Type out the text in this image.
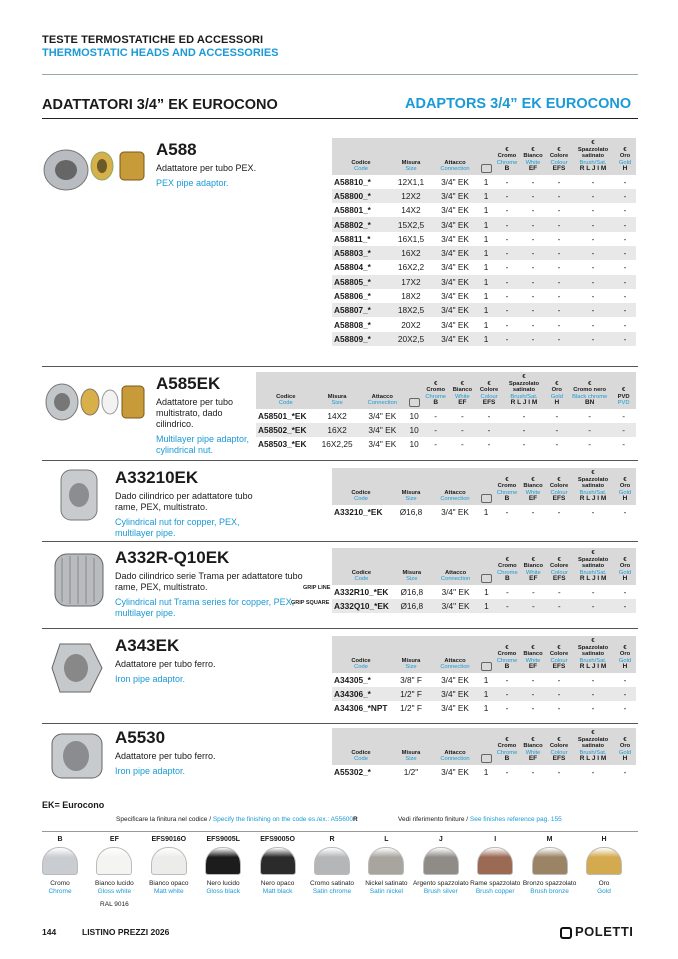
TESTE TERMOSTATICHE ED ACCESSORI
THERMOSTATIC HEADS AND ACCESSORIES
ADATTATORI 3/4” EK EUROCONO	ADAPTORS 3/4” EK EUROCONO
A588
Adattatore per tubo PEX.
PEX pipe adaptor.
A585EK
Adattatore per tubo multistrato, dado cilindrico.
Multilayer pipe adaptor, cylindrical nut.
A33210EK
Dado cilindrico per adattatore tubo rame, PEX, multistrato.
Cylindrical nut for copper, PEX, multilayer pipe.
A332R-Q10EK
Dado cilindrico serie Trama per adattatore tubo rame, PEX, multistrato.
Cylindrical nut Trama series for copper, PEX, multilayer pipe.
A343EK
Adattatore per tubo ferro.
Iron pipe adaptor.
A5530
Adattatore per tubo ferro.
Iron pipe adaptor.
GRIP LINE
GRIP SQUARE
Codice
Code	Misura
Size	Attacco
Connection		€
Cromo
Chrome
B	€
Bianco
White
EF	€
Colore
Colour
EFS	€
Spazzolato
satinato
Brush/Sat.
R L J I M	€
Oro
Gold
H

A58810_*	12X1,1	3/4" EK	1	-	-	-	-	-
A58800_*	12X2	3/4" EK	1	-	-	-	-	-
A58801_*	14X2	3/4" EK	1	-	-	-	-	-
A58802_*	15X2,5	3/4" EK	1	-	-	-	-	-
A58811_*	16X1,5	3/4" EK	1	-	-	-	-	-
A58803_*	16X2	3/4" EK	1	-	-	-	-	-
A58804_*	16X2,2	3/4" EK	1	-	-	-	-	-
A58805_*	17X2	3/4" EK	1	-	-	-	-	-
A58806_*	18X2	3/4" EK	1	-	-	-	-	-
A58807_*	18X2,5	3/4" EK	1	-	-	-	-	-
A58808_*	20X2	3/4" EK	1	-	-	-	-	-
A58809_*	20X2,5	3/4" EK	1	-	-	-	-	-
Codice
Code	Misura
Size	Attacco
Connection		€
Cromo
Chrome
B	€
Bianco
White
EF	€
Colore
Colour
EFS	€
Spazzolato
satinato
Brush/Sat.
R L J I M	€
Oro
Gold
H	€
Cromo nero
Black chrome
BN	€
PVD
PVD

A58501_*EK	14X2	3/4" EK	10	-	-	-	-	-	-	-
A58502_*EK	16X2	3/4" EK	10	-	-	-	-	-	-	-
A58503_*EK	16X2,25	3/4" EK	10	-	-	-	-	-	-	-
Codice
Code	Misura
Size	Attacco
Connection		€
Cromo
Chrome
B	€
Bianco
White
EF	€
Colore
Colour
EFS	€
Spazzolato
satinato
Brush/Sat.
R L J I M	€
Oro
Gold
H

A33210_*EK	Ø16,8	3/4" EK	1	-	-	-	-	-
Codice
Code	Misura
Size	Attacco
Connection		€
Cromo
Chrome
B	€
Bianco
White
EF	€
Colore
Colour
EFS	€
Spazzolato
satinato
Brush/Sat.
R L J I M	€
Oro
Gold
H

A332R10_*EK	Ø16,8	3/4" EK	1	-	-	-	-	-
A332Q10_*EK	Ø16,8	3/4" EK	1	-	-	-	-	-
Codice
Code	Misura
Size	Attacco
Connection		€
Cromo
Chrome
B	€
Bianco
White
EF	€
Colore
Colour
EFS	€
Spazzolato
satinato
Brush/Sat.
R L J I M	€
Oro
Gold
H

A34305_*	3/8" F	3/4" EK	1	-	-	-	-	-
A34306_*	1/2" F	3/4" EK	1	-	-	-	-	-
A34306_*NPT	1/2" F	3/4" EK	1	-	-	-	-	-
Codice
Code	Misura
Size	Attacco
Connection		€
Cromo
Chrome
B	€
Bianco
White
EF	€
Colore
Colour
EFS	€
Spazzolato
satinato
Brush/Sat.
R L J I M	€
Oro
Gold
H

A55302_*	1/2"	3/4" EK	1	-	-	-	-	-
EK= Eurocono
Specificare la finitura nel codice / Specify the finishing on the code es./ex.: A55600R	Vedi riferimento finiture / See finishes reference pag. 155
B
Cromo
Chrome
EF
Bianco lucido
Gloss white
RAL 9016
EFS9016O
Bianco opaco
Matt white
EFS9005L
Nero lucido
Gloss black
EFS9005O
Nero opaco
Matt black
R
Cromo satinato
Satin chrome
L
Nickel satinato
Satin nickel
J
Argento spazzolato
Brush silver
I
Rame spazzolato
Brush copper
M
Bronzo spazzolato
Brush bronze
H
Oro
Gold
144	LISTINO PREZZI 2026	POLETTI
